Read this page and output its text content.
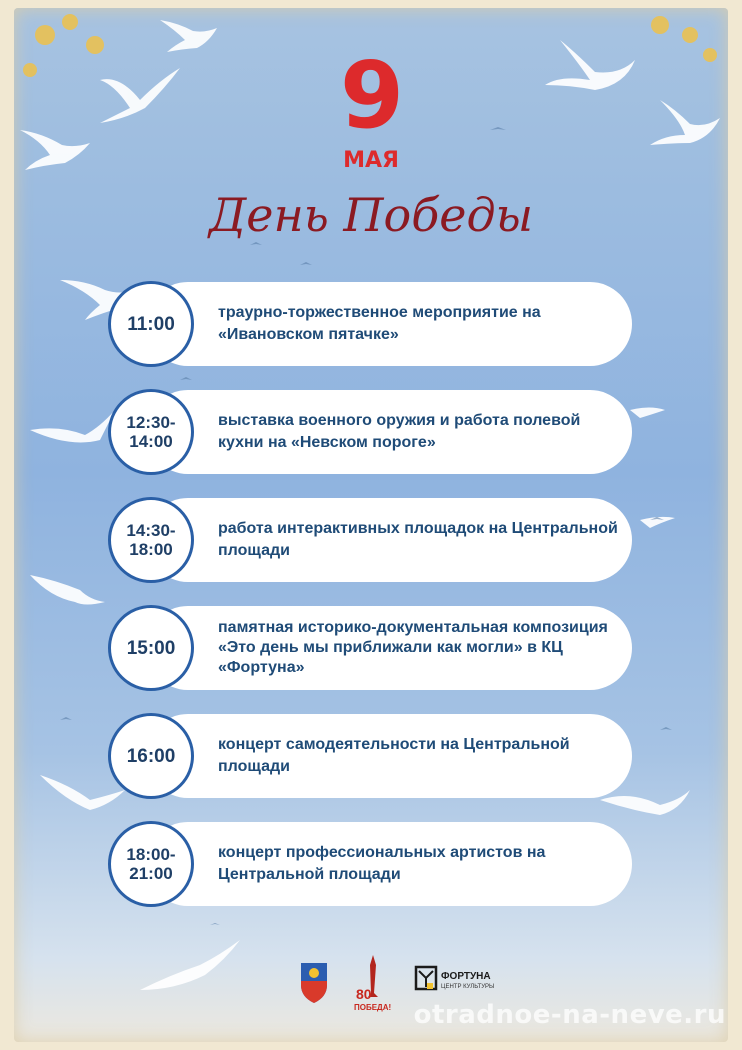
9
МАЯ
День Победы
11:00
траурно-торжественное мероприятие на «Ивановском пятачке»
12:30-14:00
выставка военного оружия и работа полевой кухни на «Невском пороге»
14:30-18:00
работа интерактивных площадок на Центральной площади
15:00
памятная историко-документальная композиция «Это день мы приближали как могли» в КЦ «Фортуна»
16:00
концерт самодеятельности на Центральной площади
18:00-21:00
концерт профессиональных артистов на Центральной площади
80
ПОБЕДА!
ФОРТУНА
ЦЕНТР КУЛЬТУРЫ
otradnoe-na-neve.ru
